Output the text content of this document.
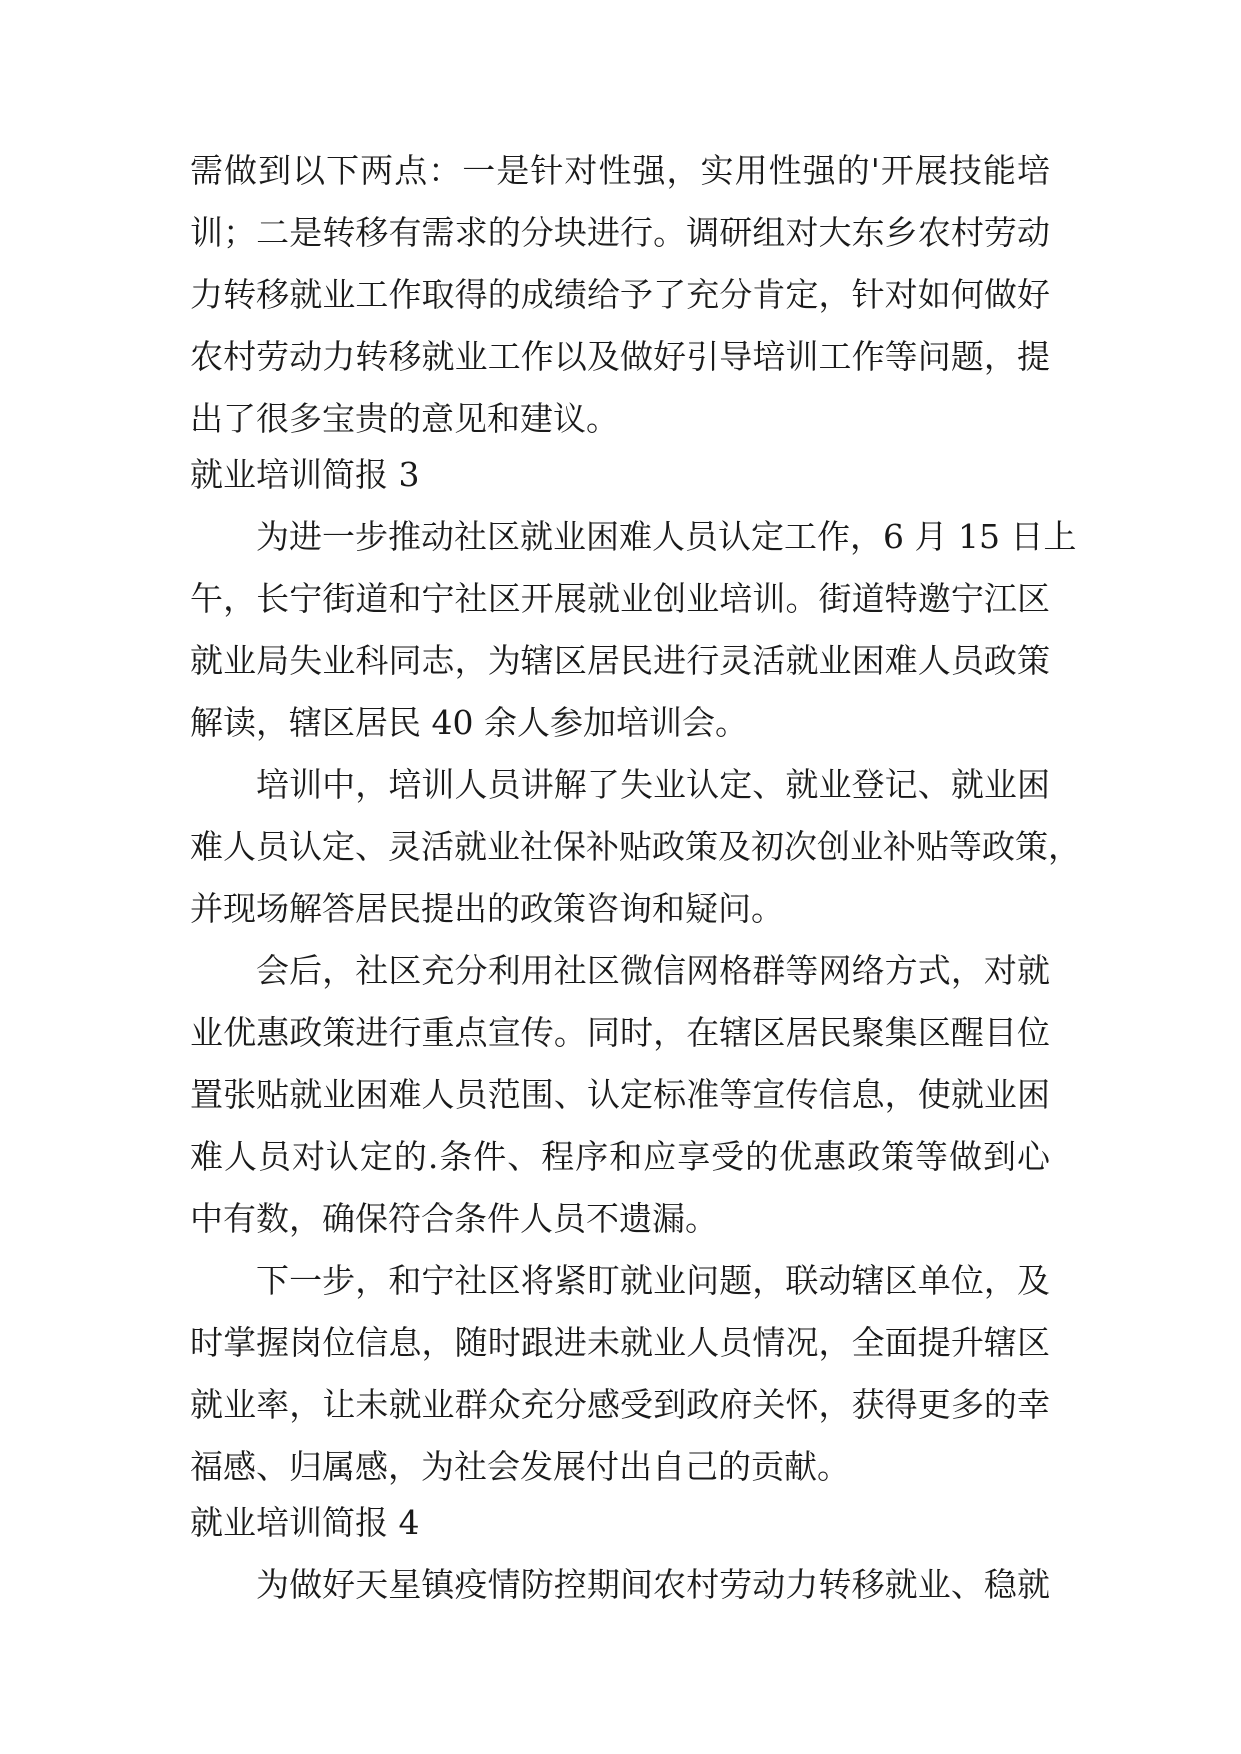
需做到以下两点：一是针对性强，实用性强的'开展技能培
训；二是转移有需求的分块进行。调研组对大东乡农村劳动
力转移就业工作取得的成绩给予了充分肯定，针对如何做好
农村劳动力转移就业工作以及做好引导培训工作等问题，提
出了很多宝贵的意见和建议。
就业培训简报 3
为进一步推动社区就业困难人员认定工作，6 月 15 日上
午，长宁街道和宁社区开展就业创业培训。街道特邀宁江区
就业局失业科同志，为辖区居民进行灵活就业困难人员政策
解读，辖区居民 40 余人参加培训会。
培训中，培训人员讲解了失业认定、就业登记、就业困
难人员认定、灵活就业社保补贴政策及初次创业补贴等政策，
并现场解答居民提出的政策咨询和疑问。
会后，社区充分利用社区微信网格群等网络方式，对就
业优惠政策进行重点宣传。同时，在辖区居民聚集区醒目位
置张贴就业困难人员范围、认定标准等宣传信息，使就业困
难人员对认定的.条件、程序和应享受的优惠政策等做到心
中有数，确保符合条件人员不遗漏。
下一步，和宁社区将紧盯就业问题，联动辖区单位，及
时掌握岗位信息，随时跟进未就业人员情况，全面提升辖区
就业率，让未就业群众充分感受到政府关怀，获得更多的幸
福感、归属感，为社会发展付出自己的贡献。
就业培训简报 4
为做好天星镇疫情防控期间农村劳动力转移就业、稳就
